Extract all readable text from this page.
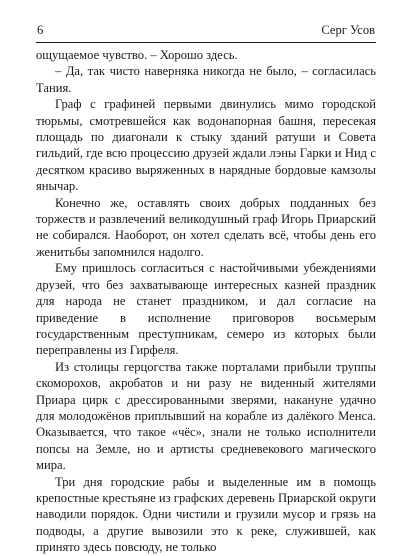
6	Серг Усов

ощущаемое чувство. – Хорошо здесь.

– Да, так чисто наверняка никогда не было, – согласилась Тания.

Граф с графиней первыми двинулись мимо городской тюрьмы, смотревшейся как водонапорная башня, пересекая площадь по диагонали к стыку зданий ратуши и Совета гильдий, где всю процессию друзей ждали лэны Гарки и Нид с десятком красиво выряженных в нарядные бордовые камзолы янычар.

Конечно же, оставлять своих добрых подданных без торжеств и развлечений великодушный граф Игорь Приарский не собирался. Наоборот, он хотел сделать всё, чтобы день его женитьбы запомнился надолго.

Ему пришлось согласиться с настойчивыми убеждениями друзей, что без захватывающе интересных казней праздник для народа не станет праздником, и дал согласие на приведение в исполнение приговоров восьмерым государственным преступникам, семеро из которых были переправлены из Гирфеля.

Из столицы герцогства также порталами прибыли труппы скоморохов, акробатов и ни разу не виденный жителями Приара цирк с дрессированными зверями, накануне удачно для молодожёнов приплывший на корабле из далёкого Менса. Оказывается, что такое «чёс», знали не только исполнители попсы на Земле, но и артисты средневекового магического мира.

Три дня городские рабы и выделенные им в помощь крепостные крестьяне из графских деревень Приарской округи наводили порядок. Одни чистили и грузили мусор и грязь на подводы, а другие вывозили это к реке, служившей, как принято здесь повсюду, не только
